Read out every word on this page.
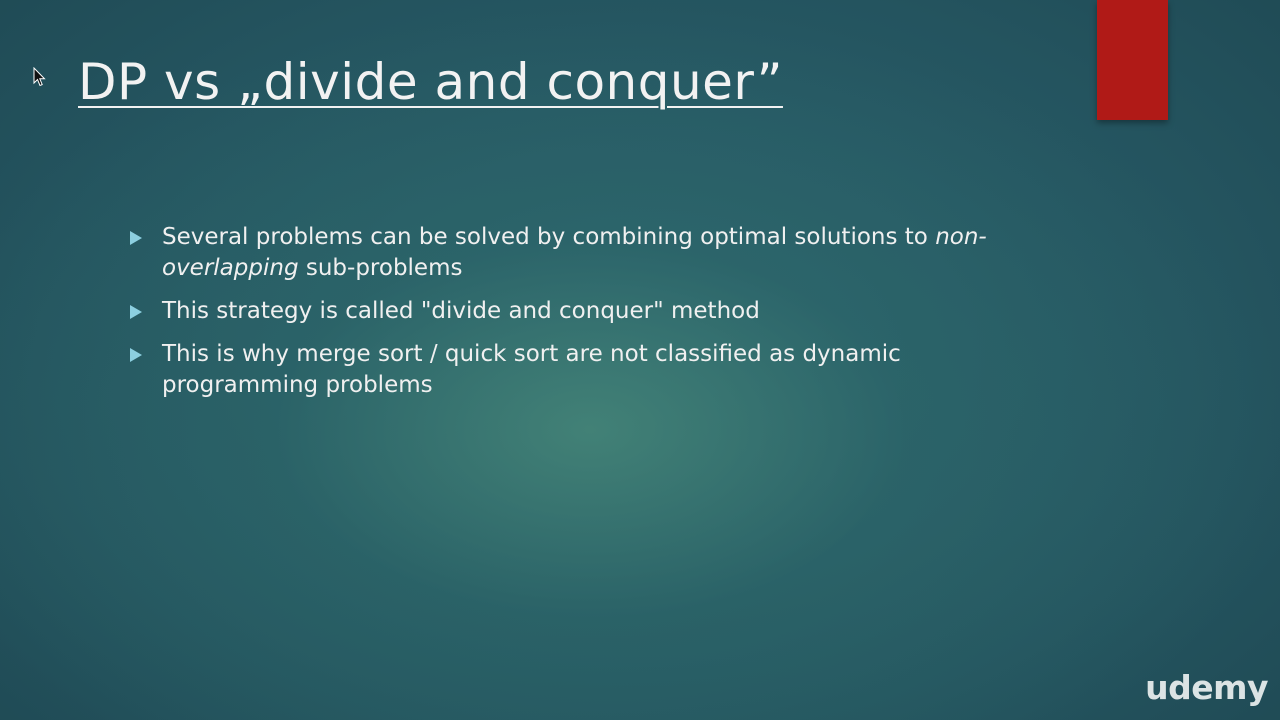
DP vs „divide and conquer”
Several problems can be solved by combining optimal solutions to non-overlapping sub-problems
This strategy is called "divide and conquer" method
This is why merge sort / quick sort are not classified as dynamic programming problems
udemy
